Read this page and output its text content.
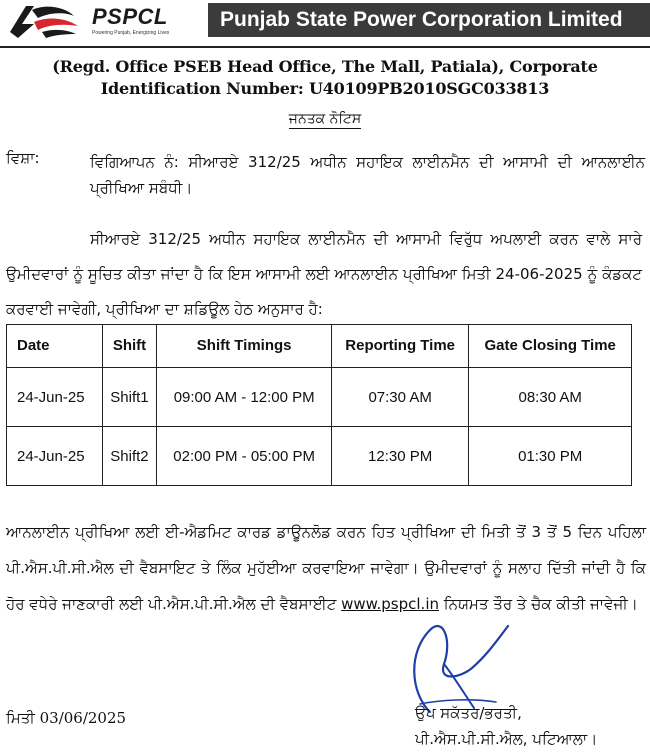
PSPCL
Powering Punjab, Energizing Lives
Punjab State Power Corporation Limited
(Regd. Office PSEB Head Office, The Mall, Patiala), Corporate Identification Number: U40109PB2010SGC033813
ਜਨਤਕ ਨੋਟਿਸ
ਵਿਸ਼ਾ:	ਵਿਗਿਆਪਨ ਨੰ: ਸੀਆਰਏ 312/25 ਅਧੀਨ ਸਹਾਇਕ ਲਾਈਨਮੈਨ ਦੀ ਆਸਾਮੀ ਦੀ ਆਨਲਾਈਨ ਪ੍ਰੀਖਿਆ ਸਬੰਧੀ।
ਸੀਆਰਏ 312/25 ਅਧੀਨ ਸਹਾਇਕ ਲਾਈਨਮੈਨ ਦੀ ਆਸਾਮੀ ਵਿਰੁੱਧ ਅਪਲਾਈ ਕਰਨ ਵਾਲੇ ਸਾਰੇ ਉਮੀਦਵਾਰਾਂ ਨੂੰ ਸੂਚਿਤ ਕੀਤਾ ਜਾਂਦਾ ਹੈ ਕਿ ਇਸ ਆਸਾਮੀ ਲਈ ਆਨਲਾਈਨ ਪ੍ਰੀਖਿਆ ਮਿਤੀ 24-06-2025 ਨੂੰ ਕੰਡਕਟ ਕਰਵਾਈ ਜਾਵੇਗੀ, ਪ੍ਰੀਖਿਆ ਦਾ ਸ਼ਡਿਊਲ ਹੇਠ ਅਨੁਸਾਰ ਹੈ:
Date	Shift	Shift Timings	Reporting Time	Gate Closing Time
24-Jun-25	Shift1	09:00 AM - 12:00 PM	07:30 AM	08:30 AM
24-Jun-25	Shift2	02:00 PM - 05:00 PM	12:30 PM	01:30 PM
ਆਨਲਾਈਨ ਪ੍ਰੀਖਿਆ ਲਈ ਈ-ਐਡਮਿਟ ਕਾਰਡ ਡਾਊਨਲੋਡ ਕਰਨ ਹਿਤ ਪ੍ਰੀਖਿਆ ਦੀ ਮਿਤੀ ਤੋਂ 3 ਤੋਂ 5 ਦਿਨ ਪਹਿਲਾ ਪੀ.ਐਸ.ਪੀ.ਸੀ.ਐਲ ਦੀ ਵੈਬਸਾਇਟ ਤੇ ਲਿੰਕ ਮੁਹੱਈਆ ਕਰਵਾਇਆ ਜਾਵੇਗਾ। ਉਮੀਦਵਾਰਾਂ ਨੂੰ ਸਲਾਹ ਦਿੱਤੀ ਜਾਂਦੀ ਹੈ ਕਿ ਹੋਰ ਵਧੇਰੇ ਜਾਣਕਾਰੀ ਲਈ ਪੀ.ਐਸ.ਪੀ.ਸੀ.ਐਲ ਦੀ ਵੈਬਸਾਈਟ www.pspcl.in ਨਿਯਮਤ ਤੌਰ ਤੇ ਚੈਕ ਕੀਤੀ ਜਾਵੇਜੀ।
ਮਿਤੀ 03/06/2025	ਉਪ ਸਕੱਤਰ/ਭਰਤੀ,
ਪੀ.ਐਸ.ਪੀ.ਸੀ.ਐਲ, ਪਟਿਆਲਾ।
